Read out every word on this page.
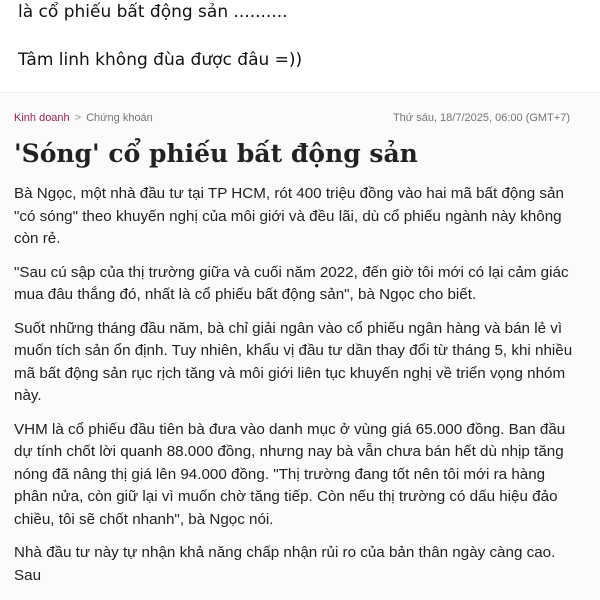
là cổ phiếu bất động sản ..........
Tâm linh không đùa được đâu =))
Kinh doanh > Chứng khoán	Thứ sáu, 18/7/2025, 06:00 (GMT+7)
'Sóng' cổ phiếu bất động sản

Bà Ngọc, một nhà đầu tư tại TP HCM, rót 400 triệu đồng vào hai mã bất động sản "có sóng" theo khuyến nghị của môi giới và đều lãi, dù cổ phiếu ngành này không còn rẻ.

"Sau cú sập của thị trường giữa và cuối năm 2022, đến giờ tôi mới có lại cảm giác mua đâu thắng đó, nhất là cổ phiếu bất động sản", bà Ngọc cho biết.

Suốt những tháng đầu năm, bà chỉ giải ngân vào cổ phiếu ngân hàng và bán lẻ vì muốn tích sản ổn định. Tuy nhiên, khẩu vị đầu tư dần thay đổi từ tháng 5, khi nhiều mã bất động sản rục rịch tăng và môi giới liên tục khuyến nghị về triển vọng nhóm này.

VHM là cổ phiếu đầu tiên bà đưa vào danh mục ở vùng giá 65.000 đồng. Ban đầu dự tính chốt lời quanh 88.000 đồng, nhưng nay bà vẫn chưa bán hết dù nhịp tăng nóng đã nâng thị giá lên 94.000 đồng. "Thị trường đang tốt nên tôi mới ra hàng phân nửa, còn giữ lại vì muốn chờ tăng tiếp. Còn nếu thị trường có dấu hiệu đảo chiều, tôi sẽ chốt nhanh", bà Ngọc nói.

Nhà đầu tư này tự nhận khả năng chấp nhận rủi ro của bản thân ngày càng cao. Sau
